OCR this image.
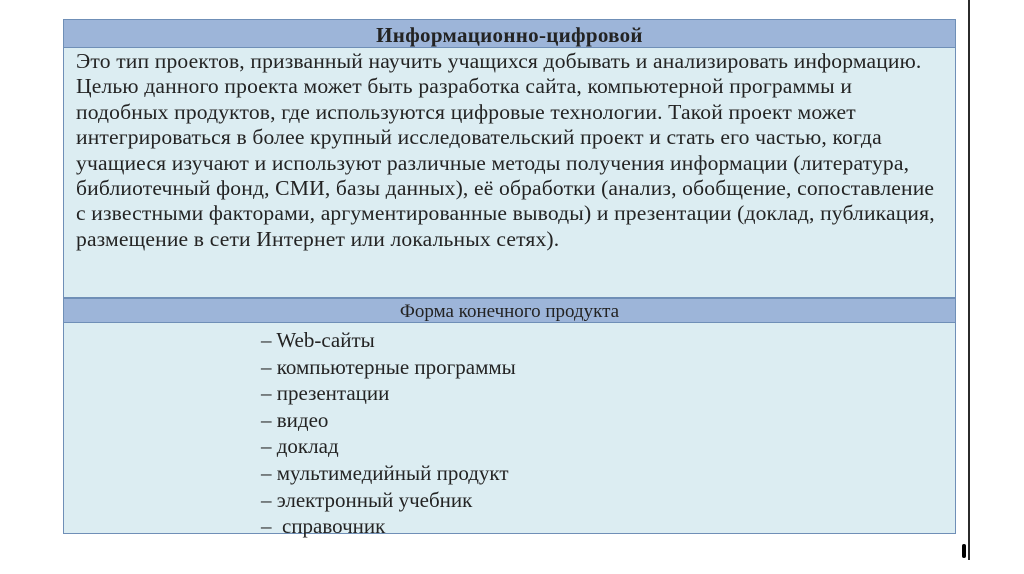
Информационно-цифровой
Это тип проектов, призванный научить учащихся добывать и анализировать информацию. Целью данного проекта может быть разработка сайта, компьютерной программы и подобных продуктов, где используются цифровые технологии. Такой проект может интегрироваться в более крупный исследовательский проект и стать его частью, когда учащиеся изучают и используют различные методы получения информации (литература, библиотечный фонд, СМИ, базы данных), её обработки (анализ, обобщение, сопоставление с известными факторами, аргументированные выводы) и презентации (доклад, публикация, размещение в сети Интернет или локальных сетях).
Форма конечного продукта
– Web-сайты
– компьютерные программы
– презентации
– видео
– доклад
– мультимедийный продукт
– электронный учебник
–  справочник
